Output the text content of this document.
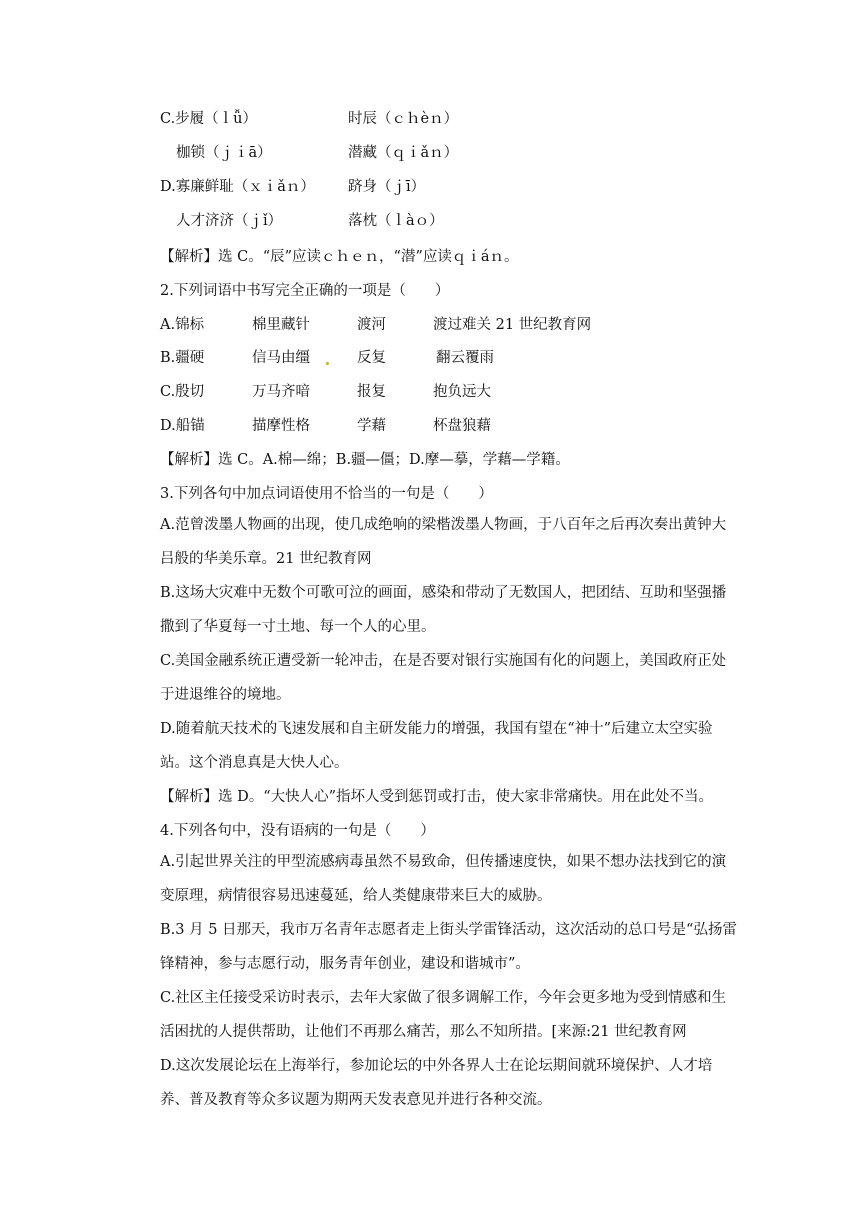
C.步履（ｌǚ）	时辰（ｃｈèｎ）
枷锁（ｊｉā）	潜藏（ｑｉǎｎ）
D.寡廉鲜耻（ｘｉǎｎ） 跻身（ｊī）
人才济济（ｊǐ）	落枕（ｌàｏ）
【解析】选 C。“辰”应读ｃｈｅｎ，“潜”应读ｑｉáｎ。
2.下列词语中书写完全正确的一项是（　　）
A.锦标	棉里藏针	渡河	渡过难关 21 世纪教育网
B.疆硬	信马由缰	反复	翻云覆雨
C.殷切	万马齐喑	报复	抱负远大
D.船锚	描摩性格	学藉	杯盘狼藉
【解析】选 C。A.棉—绵；B.疆—僵；D.摩—摹，学藉—学籍。
3.下列各句中加点词语使用不恰当的一句是（　　）
A.范曾泼墨人物画的出现，使几成绝响的梁楷泼墨人物画，于八百年之后再次奏出黄钟大吕般的华美乐章。21 世纪教育网
B.这场大灾难中无数个可歌可泣的画面，感染和带动了无数国人，把团结、互助和坚强播撒到了华夏每一寸土地、每一个人的心里。
C.美国金融系统正遭受新一轮冲击，在是否要对银行实施国有化的问题上，美国政府正处于进退维谷的境地。
D.随着航天技术的飞速发展和自主研发能力的增强，我国有望在“神十”后建立太空实验站。这个消息真是大快人心。
【解析】选 D。“大快人心”指坏人受到惩罚或打击，使大家非常痛快。用在此处不当。
4.下列各句中，没有语病的一句是（　　）
A.引起世界关注的甲型流感病毒虽然不易致命，但传播速度快，如果不想办法找到它的演变原理，病情很容易迅速蔓延，给人类健康带来巨大的威胁。
B.3 月 5 日那天，我市万名青年志愿者走上街头学雷锋活动，这次活动的总口号是“弘扬雷锋精神，参与志愿行动，服务青年创业，建设和谐城市”。
C.社区主任接受采访时表示，去年大家做了很多调解工作，今年会更多地为受到情感和生活困扰的人提供帮助，让他们不再那么痛苦，那么不知所措。[来源:21 世纪教育网
D.这次发展论坛在上海举行，参加论坛的中外各界人士在论坛期间就环境保护、人才培养、普及教育等众多议题为期两天发表意见并进行各种交流。
